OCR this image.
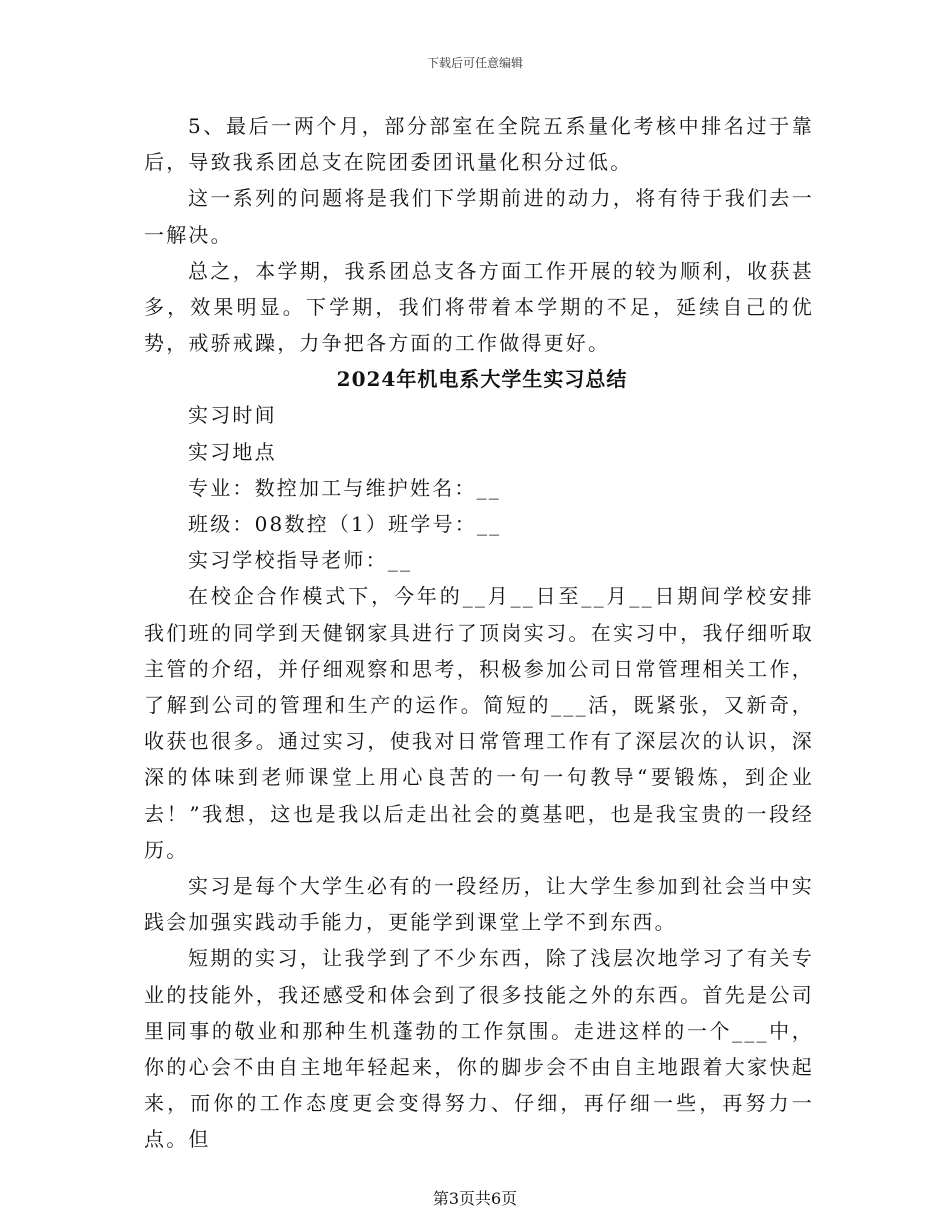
下载后可任意编辑

5、最后一两个月，部分部室在全院五系量化考核中排名过于靠后，导致我系团总支在院团委团讯量化积分过低。

这一系列的问题将是我们下学期前进的动力，将有待于我们去一一解决。

总之，本学期，我系团总支各方面工作开展的较为顺利，收获甚多，效果明显。下学期，我们将带着本学期的不足，延续自己的优势，戒骄戒躁，力争把各方面的工作做得更好。

2024年机电系大学生实习总结

实习时间

实习地点

专业：数控加工与维护姓名：__

班级：08数控（1）班学号：__

实习学校指导老师：__

在校企合作模式下，今年的__月__日至__月__日期间学校安排我们班的同学到天健钢家具进行了顶岗实习。在实习中，我仔细听取主管的介绍，并仔细观察和思考，积极参加公司日常管理相关工作，了解到公司的管理和生产的运作。简短的___活，既紧张，又新奇，收获也很多。通过实习，使我对日常管理工作有了深层次的认识，深深的体味到老师课堂上用心良苦的一句一句教导“要锻炼，到企业去！”我想，这也是我以后走出社会的奠基吧，也是我宝贵的一段经历。

实习是每个大学生必有的一段经历，让大学生参加到社会当中实践会加强实践动手能力，更能学到课堂上学不到东西。

短期的实习，让我学到了不少东西，除了浅层次地学习了有关专业的技能外，我还感受和体会到了很多技能之外的东西。首先是公司里同事的敬业和那种生机蓬勃的工作氛围。走进这样的一个___中，你的心会不由自主地年轻起来，你的脚步会不由自主地跟着大家快起来，而你的工作态度更会变得努力、仔细，再仔细一些，再努力一点。但

第3页共6页
